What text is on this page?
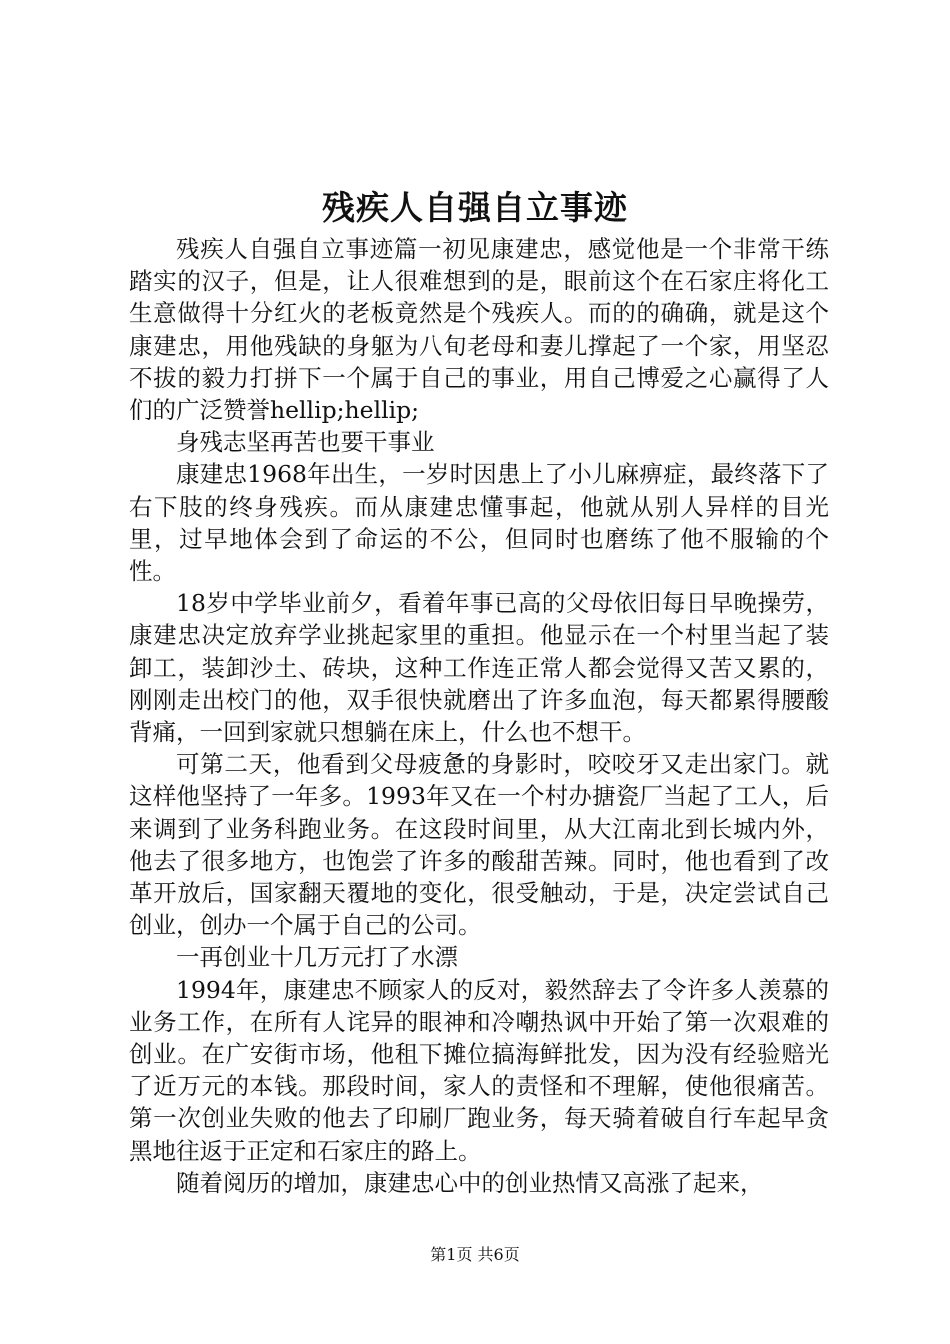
残疾人自强自立事迹

残疾人自强自立事迹篇一初见康建忠，感觉他是一个非常干练踏实的汉子，但是，让人很难想到的是，眼前这个在石家庄将化工生意做得十分红火的老板竟然是个残疾人。而的的确确，就是这个康建忠，用他残缺的身躯为八旬老母和妻儿撑起了一个家，用坚忍不拔的毅力打拼下一个属于自己的事业，用自己博爱之心赢得了人们的广泛赞誉hellip;hellip;

身残志坚再苦也要干事业

康建忠1968年出生，一岁时因患上了小儿麻痹症，最终落下了右下肢的终身残疾。而从康建忠懂事起，他就从别人异样的目光里，过早地体会到了命运的不公，但同时也磨练了他不服输的个性。

18岁中学毕业前夕，看着年事已高的父母依旧每日早晚操劳，康建忠决定放弃学业挑起家里的重担。他显示在一个村里当起了装卸工，装卸沙土、砖块，这种工作连正常人都会觉得又苦又累的，刚刚走出校门的他，双手很快就磨出了许多血泡，每天都累得腰酸背痛，一回到家就只想躺在床上，什么也不想干。

可第二天，他看到父母疲惫的身影时，咬咬牙又走出家门。就这样他坚持了一年多。1993年又在一个村办搪瓷厂当起了工人，后来调到了业务科跑业务。在这段时间里，从大江南北到长城内外，他去了很多地方，也饱尝了许多的酸甜苦辣。同时，他也看到了改革开放后，国家翻天覆地的变化，很受触动，于是，决定尝试自己创业，创办一个属于自己的公司。

一再创业十几万元打了水漂

1994年，康建忠不顾家人的反对，毅然辞去了令许多人羡慕的业务工作，在所有人诧异的眼神和冷嘲热讽中开始了第一次艰难的创业。在广安街市场，他租下摊位搞海鲜批发，因为没有经验赔光了近万元的本钱。那段时间，家人的责怪和不理解，使他很痛苦。第一次创业失败的他去了印刷厂跑业务，每天骑着破自行车起早贪黑地往返于正定和石家庄的路上。

随着阅历的增加，康建忠心中的创业热情又高涨了起来，

第1页 共6页
